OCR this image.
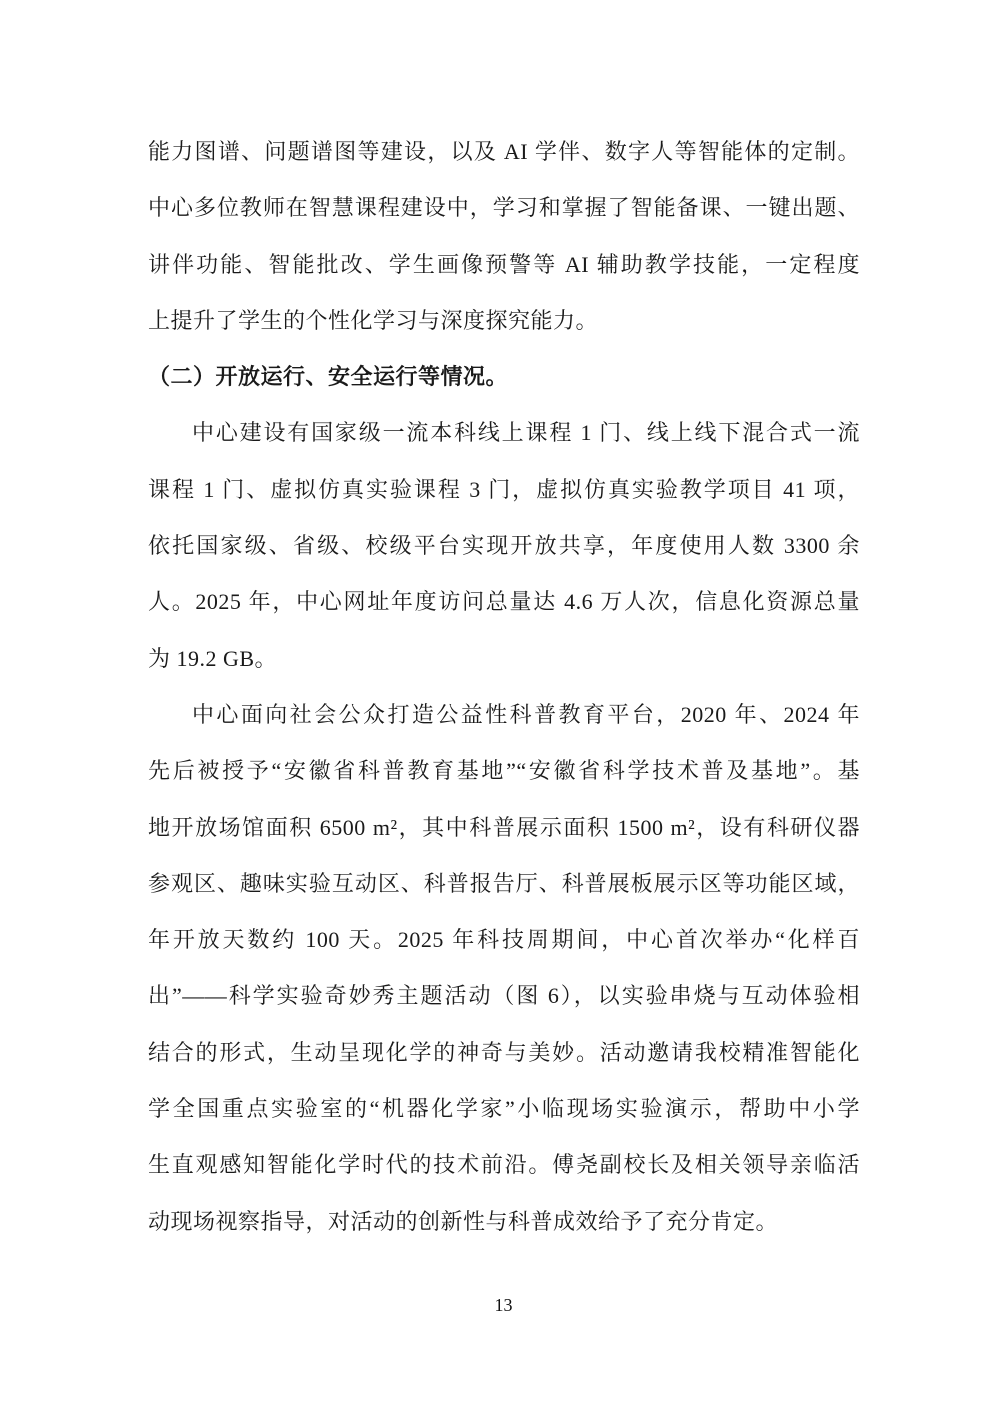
能力图谱、问题谱图等建设，以及 AI 学伴、数字人等智能体的定制。
中心多位教师在智慧课程建设中，学习和掌握了智能备课、一键出题、
讲伴功能、智能批改、学生画像预警等 AI 辅助教学技能，一定程度
上提升了学生的个性化学习与深度探究能力。
（二）开放运行、安全运行等情况。
中心建设有国家级一流本科线上课程 1 门、线上线下混合式一流
课程 1 门、虚拟仿真实验课程 3 门，虚拟仿真实验教学项目 41 项，
依托国家级、省级、校级平台实现开放共享，年度使用人数 3300 余
人。2025 年，中心网址年度访问总量达 4.6 万人次，信息化资源总量
为 19.2 GB。
中心面向社会公众打造公益性科普教育平台，2020 年、2024 年
先后被授予“安徽省科普教育基地”“安徽省科学技术普及基地”。基
地开放场馆面积 6500 m²，其中科普展示面积 1500 m²，设有科研仪器
参观区、趣味实验互动区、科普报告厅、科普展板展示区等功能区域，
年开放天数约 100 天。2025 年科技周期间，中心首次举办“化样百
出”——科学实验奇妙秀主题活动（图 6），以实验串烧与互动体验相
结合的形式，生动呈现化学的神奇与美妙。活动邀请我校精准智能化
学全国重点实验室的“机器化学家”小临现场实验演示，帮助中小学
生直观感知智能化学时代的技术前沿。傅尧副校长及相关领导亲临活
动现场视察指导，对活动的创新性与科普成效给予了充分肯定。
13
